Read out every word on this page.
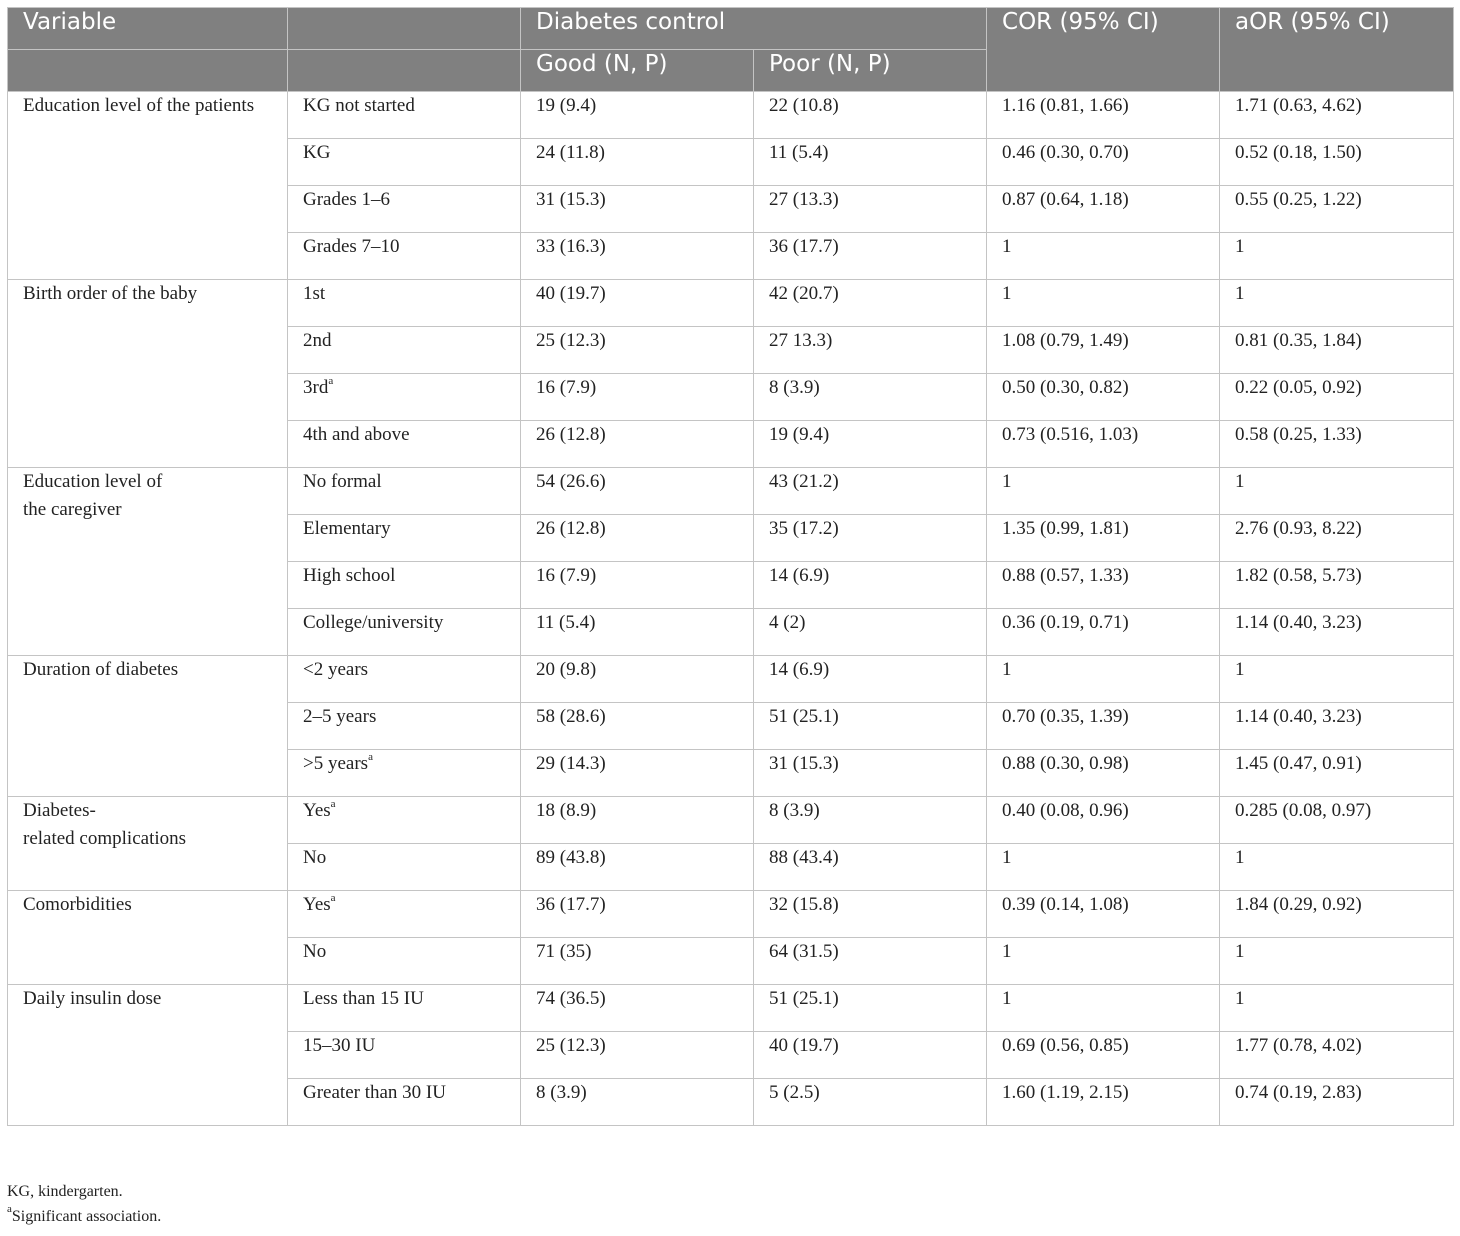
Variable		Diabetes control		COR (95% CI)	aOR (95% CI)
		Good (N, P)	Poor (N, P)		
Education level of the patients	KG not started	19 (9.4)	22 (10.8)	1.16 (0.81, 1.66)	1.71 (0.63, 4.62)
	KG	24 (11.8)	11 (5.4)	0.46 (0.30, 0.70)	0.52 (0.18, 1.50)
	Grades 1–6	31 (15.3)	27 (13.3)	0.87 (0.64, 1.18)	0.55 (0.25, 1.22)
	Grades 7–10	33 (16.3)	36 (17.7)	1	1
Birth order of the baby	1st	40 (19.7)	42 (20.7)	1	1
	2nd	25 (12.3)	27 13.3)	1.08 (0.79, 1.49)	0.81 (0.35, 1.84)
	$3rd^a$	16 (7.9)	8 (3.9)	0.50 (0.30, 0.82)	0.22 (0.05, 0.92)
	4th and above	26 (12.8)	19 (9.4)	0.73 (0.516, 1.03)	0.58 (0.25, 1.33)
Education level of
the caregiver	No formal	54 (26.6)	43 (21.2)	1	1
	Elementary	26 (12.8)	35 (17.2)	1.35 (0.99, 1.81)	2.76 (0.93, 8.22)
	High school	16 (7.9)	14 (6.9)	0.88 (0.57, 1.33)	1.82 (0.58, 5.73)
	College/university	11 (5.4)	4 (2)	0.36 (0.19, 0.71)	1.14 (0.40, 3.23)
Duration of diabetes	<2 years	20 (9.8)	14 (6.9)	1	1
	2–5 years	58 (28.6)	51 (25.1)	0.70 (0.35, 1.39)	1.14 (0.40, 3.23)
	>5 years$^a$	29 (14.3)	31 (15.3)	0.88 (0.30, 0.98)	1.45 (0.47, 0.91)
Diabetes-
related complications	Yes$^a$	18 (8.9)	8 (3.9)	0.40 (0.08, 0.96)	0.285 (0.08, 0.97)
	No	89 (43.8)	88 (43.4)	1	1
Comorbidities	Yes$^a$	36 (17.7)	32 (15.8)	0.39 (0.14, 1.08)	1.84 (0.29, 0.92)
	No	71 (35)	64 (31.5)	1	1
Daily insulin dose	Less than 15 IU	74 (36.5)	51 (25.1)	1	1
	15–30 IU	25 (12.3)	40 (19.7)	0.69 (0.56, 0.85)	1.77 (0.78, 4.02)
	Greater than 30 IU	8 (3.9)	5 (2.5)	1.60 (1.19, 2.15)	0.74 (0.19, 2.83)
KG, kindergarten.
$^a$Significant association.
